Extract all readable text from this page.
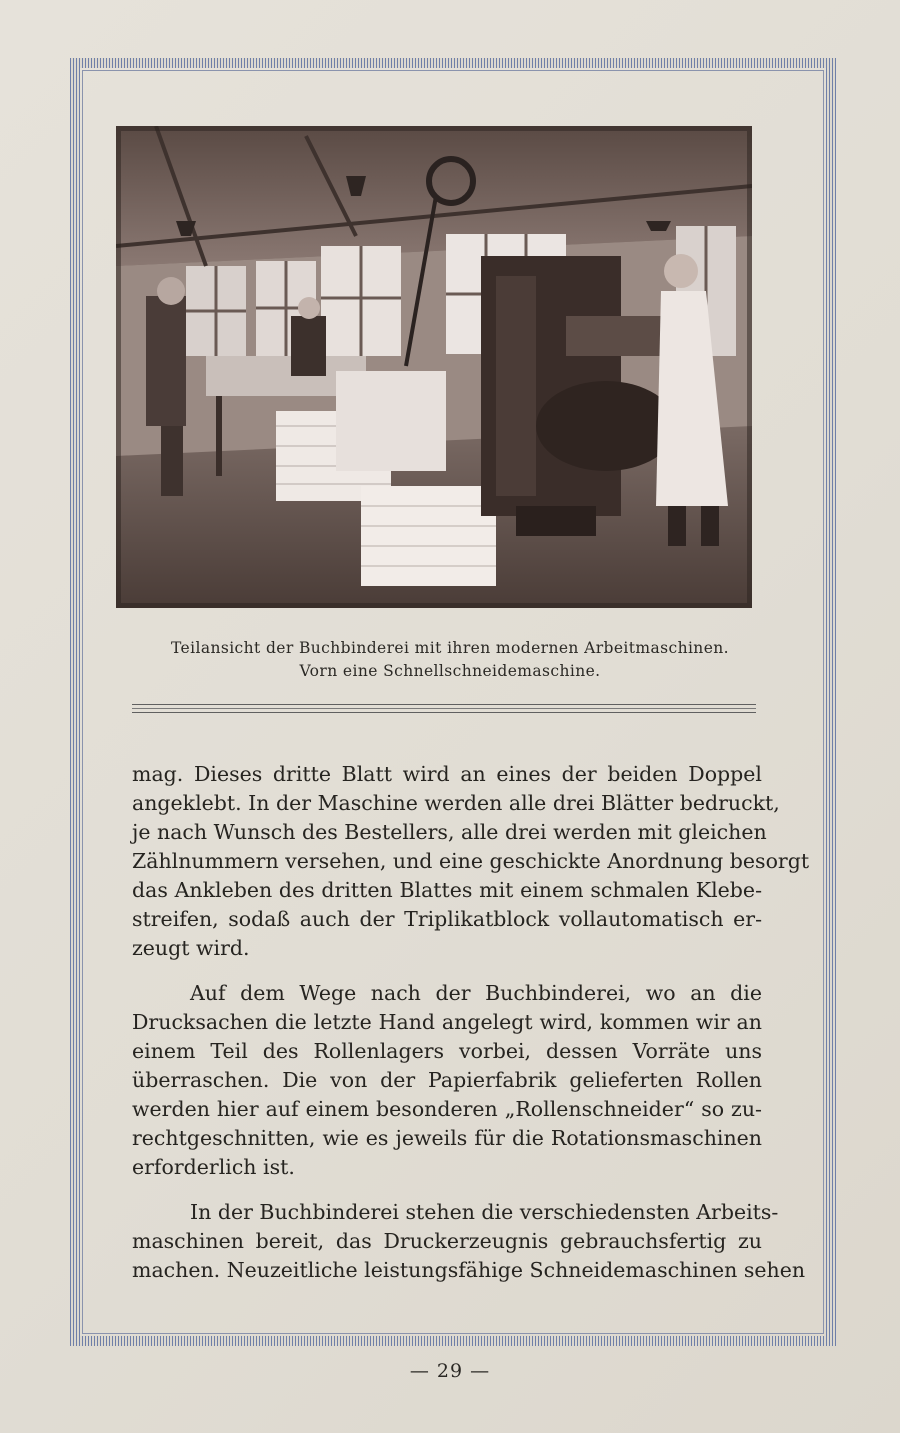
Teilansicht der Buchbinderei mit ihren modernen Arbeitmaschinen.
Vorn eine Schnellschneidemaschine.

mag. Dieses dritte Blatt wird an eines der beiden Doppel
angeklebt. In der Maschine werden alle drei Blätter bedruckt,
je nach Wunsch des Bestellers, alle drei werden mit gleichen
Zählnummern versehen, und eine geschickte Anordnung besorgt
das Ankleben des dritten Blattes mit einem schmalen Klebe-
streifen, sodaß auch der Triplikatblock vollautomatisch er-
zeugt wird.

Auf dem Wege nach der Buchbinderei, wo an die
Drucksachen die letzte Hand angelegt wird, kommen wir an
einem Teil des Rollenlagers vorbei, dessen Vorräte uns
überraschen. Die von der Papierfabrik gelieferten Rollen
werden hier auf einem besonderen „Rollenschneider“ so zu-
rechtgeschnitten, wie es jeweils für die Rotationsmaschinen
erforderlich ist.

In der Buchbinderei stehen die verschiedensten Arbeits-
maschinen bereit, das Druckerzeugnis gebrauchsfertig zu
machen. Neuzeitliche leistungsfähige Schneidemaschinen sehen

— 29 —
